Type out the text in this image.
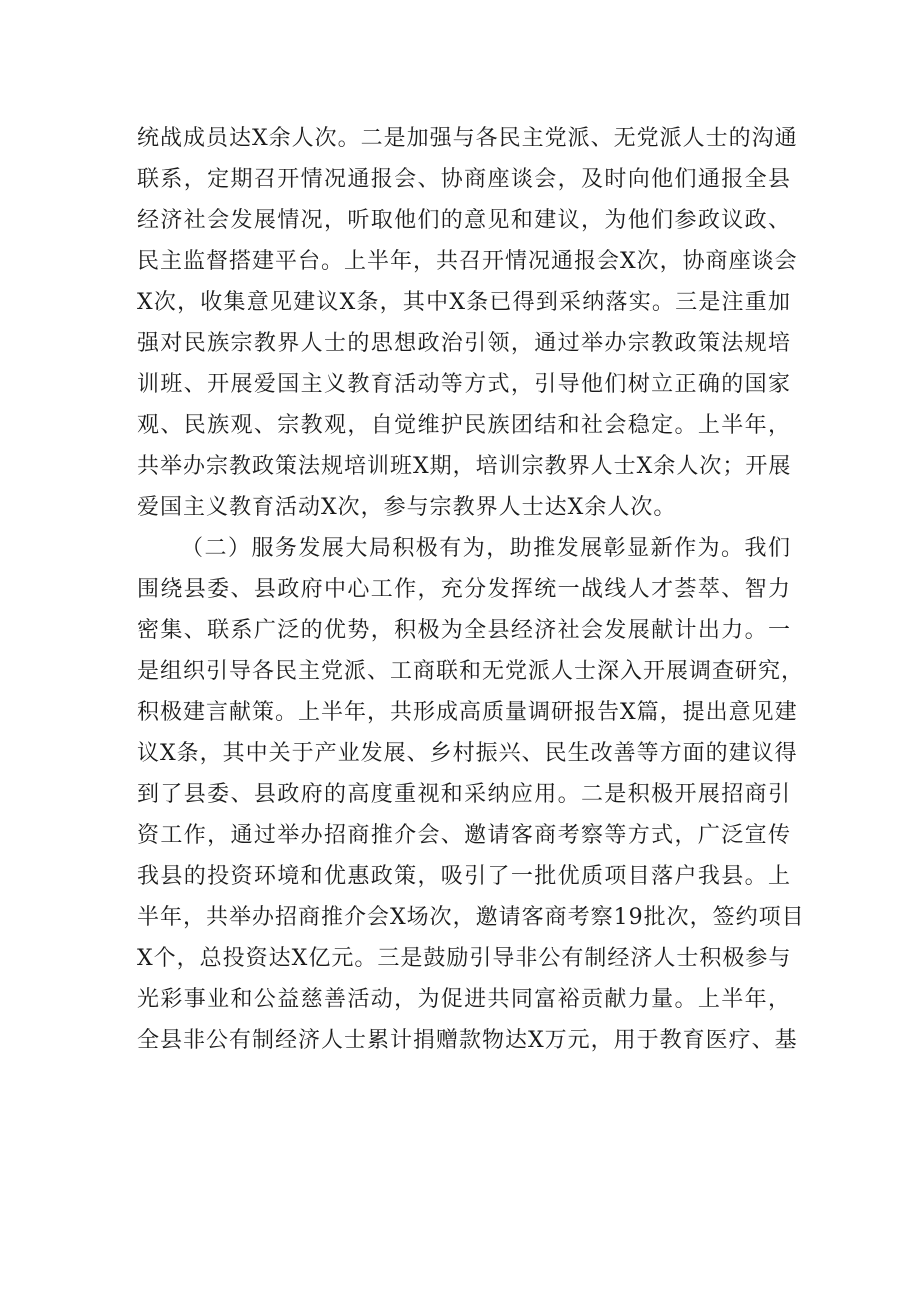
统战成员达X余人次。二是加强与各民主党派、无党派人士的沟通
联系，定期召开情况通报会、协商座谈会，及时向他们通报全县
经济社会发展情况，听取他们的意见和建议，为他们参政议政、
民主监督搭建平台。上半年，共召开情况通报会X次，协商座谈会
X次，收集意见建议X条，其中X条已得到采纳落实。三是注重加
强对民族宗教界人士的思想政治引领，通过举办宗教政策法规培
训班、开展爱国主义教育活动等方式，引导他们树立正确的国家
观、民族观、宗教观，自觉维护民族团结和社会稳定。上半年，
共举办宗教政策法规培训班X期，培训宗教界人士X余人次；开展
爱国主义教育活动X次，参与宗教界人士达X余人次。
（二）服务发展大局积极有为，助推发展彰显新作为。我们
围绕县委、县政府中心工作，充分发挥统一战线人才荟萃、智力
密集、联系广泛的优势，积极为全县经济社会发展献计出力。一
是组织引导各民主党派、工商联和无党派人士深入开展调查研究，
积极建言献策。上半年，共形成高质量调研报告X篇，提出意见建
议X条，其中关于产业发展、乡村振兴、民生改善等方面的建议得
到了县委、县政府的高度重视和采纳应用。二是积极开展招商引
资工作，通过举办招商推介会、邀请客商考察等方式，广泛宣传
我县的投资环境和优惠政策，吸引了一批优质项目落户我县。上
半年，共举办招商推介会X场次，邀请客商考察19批次，签约项目
X个，总投资达X亿元。三是鼓励引导非公有制经济人士积极参与
光彩事业和公益慈善活动，为促进共同富裕贡献力量。上半年，
全县非公有制经济人士累计捐赠款物达X万元，用于教育医疗、基
